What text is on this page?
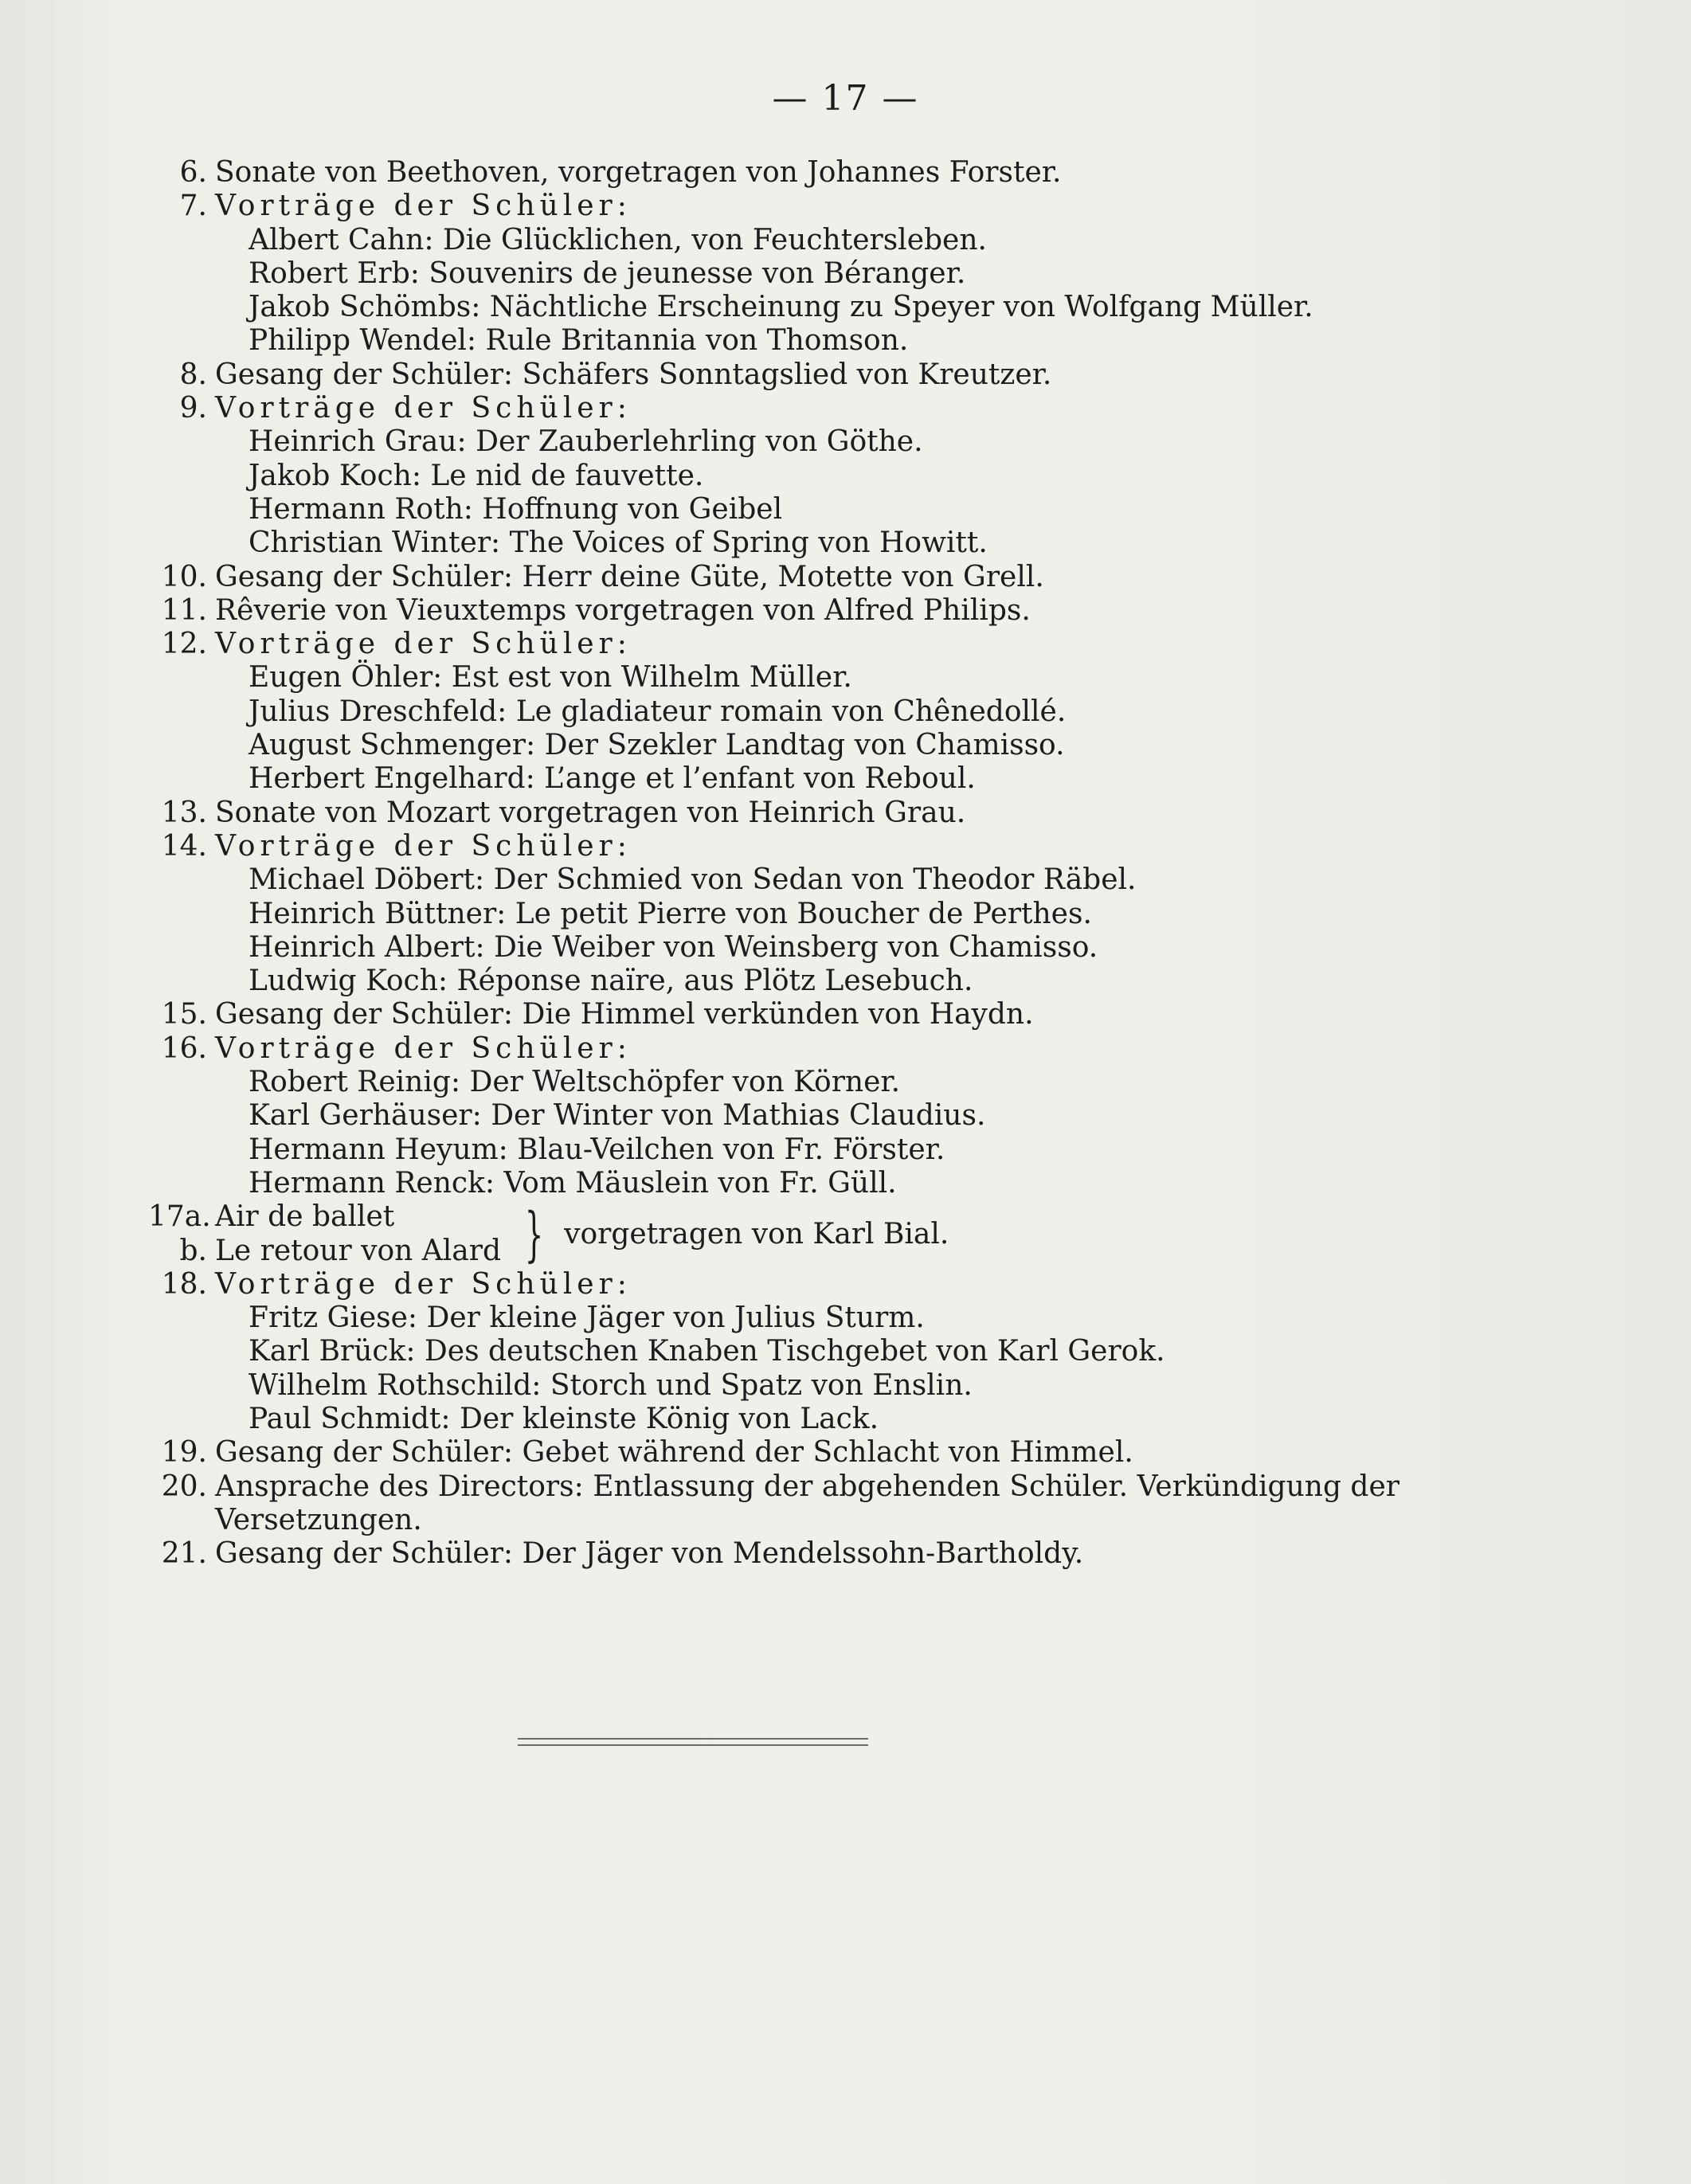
— 17 —
6. Sonate von Beethoven, vorgetragen von Johannes Forster.
7. Vorträge der Schüler:
Albert Cahn: Die Glücklichen, von Feuchtersleben.
Robert Erb: Souvenirs de jeunesse von Béranger.
Jakob Schömbs: Nächtliche Erscheinung zu Speyer von Wolfgang Müller.
Philipp Wendel: Rule Britannia von Thomson.
8. Gesang der Schüler: Schäfers Sonntagslied von Kreutzer.
9. Vorträge der Schüler:
Heinrich Grau: Der Zauberlehrling von Göthe.
Jakob Koch: Le nid de fauvette.
Hermann Roth: Hoffnung von Geibel
Christian Winter: The Voices of Spring von Howitt.
10. Gesang der Schüler: Herr deine Güte, Motette von Grell.
11. Rêverie von Vieuxtemps vorgetragen von Alfred Philips.
12. Vorträge der Schüler:
Eugen Öhler: Est est von Wilhelm Müller.
Julius Dreschfeld: Le gladiateur romain von Chênedollé.
August Schmenger: Der Szekler Landtag von Chamisso.
Herbert Engelhard: L’ange et l’enfant von Reboul.
13. Sonate von Mozart vorgetragen von Heinrich Grau.
14. Vorträge der Schüler:
Michael Döbert: Der Schmied von Sedan von Theodor Räbel.
Heinrich Büttner: Le petit Pierre von Boucher de Perthes.
Heinrich Albert: Die Weiber von Weinsberg von Chamisso.
Ludwig Koch: Réponse naïre, aus Plötz Lesebuch.
15. Gesang der Schüler: Die Himmel verkünden von Haydn.
16. Vorträge der Schüler:
Robert Reinig: Der Weltschöpfer von Körner.
Karl Gerhäuser: Der Winter von Mathias Claudius.
Hermann Heyum: Blau-Veilchen von Fr. Förster.
Hermann Renck: Vom Mäuslein von Fr. Güll.
17a. Air de ballet
b. Le retour von Alard } vorgetragen von Karl Bial.
18. Vorträge der Schüler:
Fritz Giese: Der kleine Jäger von Julius Sturm.
Karl Brück: Des deutschen Knaben Tischgebet von Karl Gerok.
Wilhelm Rothschild: Storch und Spatz von Enslin.
Paul Schmidt: Der kleinste König von Lack.
19. Gesang der Schüler: Gebet während der Schlacht von Himmel.
20. Ansprache des Directors: Entlassung der abgehenden Schüler. Verkündigung der
Versetzungen.
21. Gesang der Schüler: Der Jäger von Mendelssohn-Bartholdy.
